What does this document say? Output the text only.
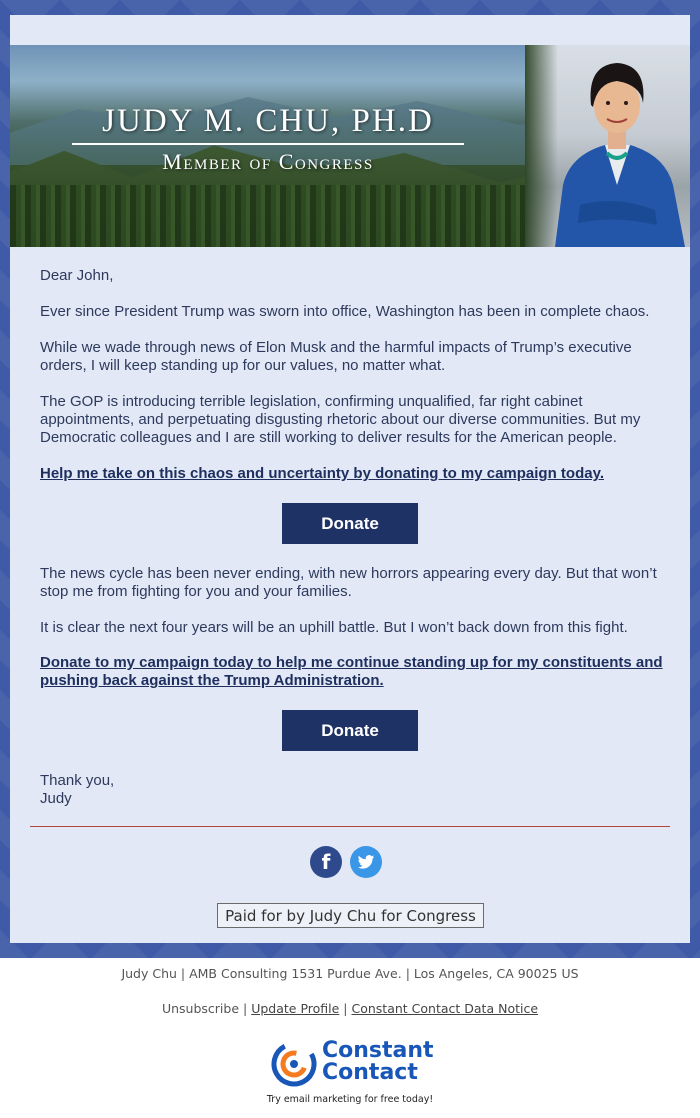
JUDY M. CHU, PH.D
Member of Congress
Dear John,
Ever since President Trump was sworn into office, Washington has been in complete chaos.
While we wade through news of Elon Musk and the harmful impacts of Trump’s executive orders, I will keep standing up for our values, no matter what.
The GOP is introducing terrible legislation, confirming unqualified, far right cabinet appointments, and perpetuating disgusting rhetoric about our diverse communities. But my Democratic colleagues and I are still working to deliver results for the American people.
Help me take on this chaos and uncertainty by donating to my campaign today.
Donate
The news cycle has been never ending, with new horrors appearing every day. But that won’t stop me from fighting for you and your families.
It is clear the next four years will be an uphill battle. But I won’t back down from this fight.
Donate to my campaign today to help me continue standing up for my constituents and pushing back against the Trump Administration.
Donate
Thank you,
Judy
f
Paid for by Judy Chu for Congress
Judy Chu | AMB Consulting 1531 Purdue Ave. | Los Angeles, CA 90025 US
Unsubscribe | Update Profile | Constant Contact Data Notice
Constant
Contact
Try email marketing for free today!
